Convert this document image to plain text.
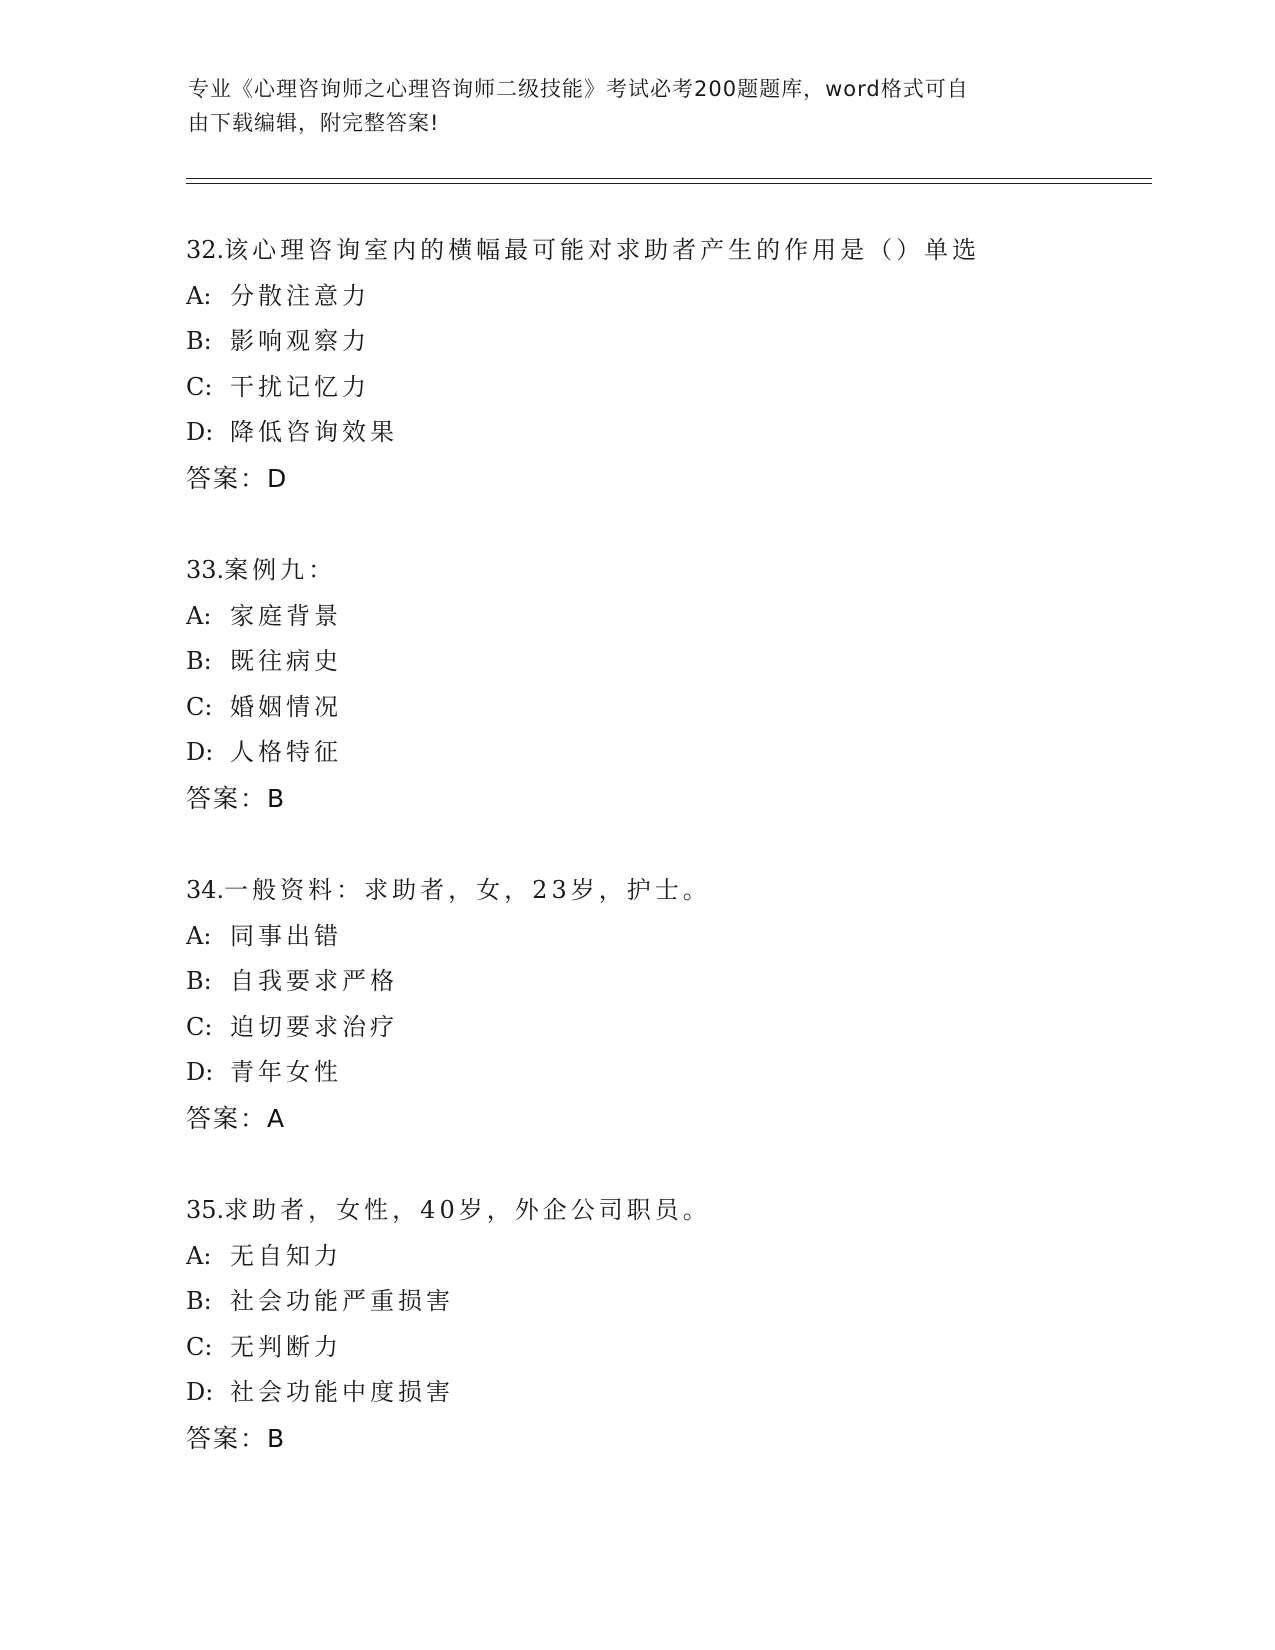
专业《心理咨询师之心理咨询师二级技能》考试必考200题题库，word格式可自
由下载编辑，附完整答案!
32.该心理咨询室内的横幅最可能对求助者产生的作用是（）单选
A: 分散注意力
B: 影响观察力
C: 干扰记忆力
D: 降低咨询效果
答案：D
33.案例九：
A: 家庭背景
B: 既往病史
C: 婚姻情况
D: 人格特征
答案：B
34.一般资料：求助者，女，23岁，护士。
A: 同事出错
B: 自我要求严格
C: 迫切要求治疗
D: 青年女性
答案：A
35.求助者，女性，40岁，外企公司职员。
A: 无自知力
B: 社会功能严重损害
C: 无判断力
D: 社会功能中度损害
答案：B
